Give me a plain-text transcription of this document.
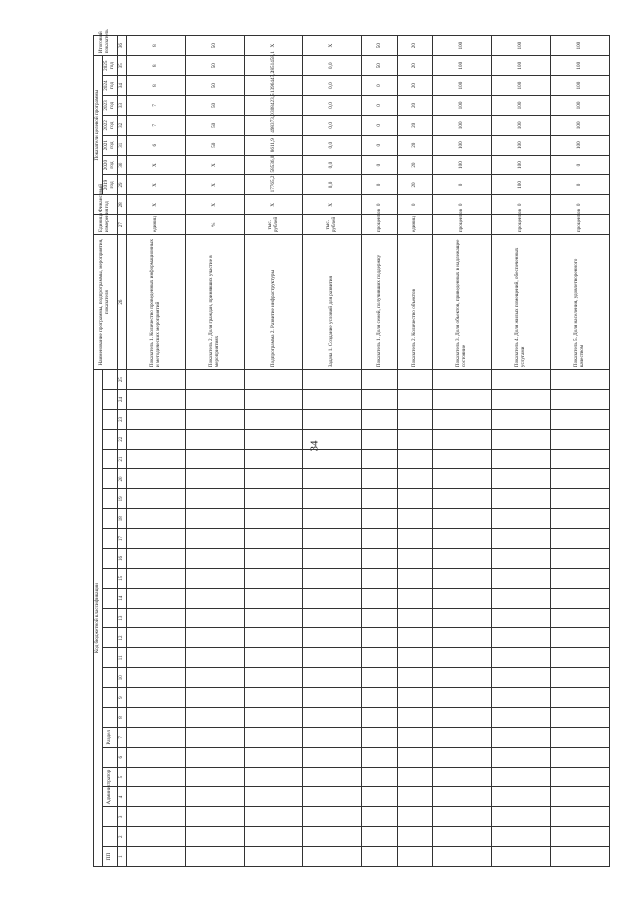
34
Код бюджетной классификации																									Наименование программы, подпрограммы, мероприятия, показателя	Единица измерения	Финансовый год	Показатели целевой программы							Итоговый показатель
ПП			Администратор			Раздел																						2019 год	2020 год	2021 год	2022 год	2023 год	2024 год	2025 год	
1	2	3	4	5	6	7	8	9	10	11	12	13	14	15	16	17	18	19	20	21	22	23	24	25	26	27	28	29	30	31	32	33	34	35	36
																									Показатель 1. Количество проведенных информационных и методических мероприятий	единиц	Х	Х	Х	6	7	7	8	8	8
																									Показатель 2. Доля граждан, принявших участие в мероприятиях	%	Х	Х	Х	50	50	50	50	50	50
																									Подпрограмма 2. Развитие инфраструктуры	тыс. рублей	Х	17765,2	58536,0	8611,9	498373,0	308423,5	1396447,2	1851458,1	Х
																									Задача 1. Создание условий для развития	тыс. рублей	Х	0,0	0,0	0,0	0,0	0,0	0,0	0,0	Х
																									Показатель 1. Доля семей, получивших поддержку	процентов	0	0	0	0	0	0	0	50	50
																									Показатель 2. Количество объектов	единиц	0	20	20	20	20	20	20	20	20
																									Показатель 3. Доля объектов, приведенных в надлежащее состояние	процентов	0	0	100	100	100	100	100	100	100
																									Показатель 4. Доля жилых помещений, обеспеченных услугами	процентов	0	100	100	100	100	100	100	100	100
																									Показатель 5. Доля населения, удовлетворенного качеством	процентов	0	0	0	100	100	100	100	100	100
